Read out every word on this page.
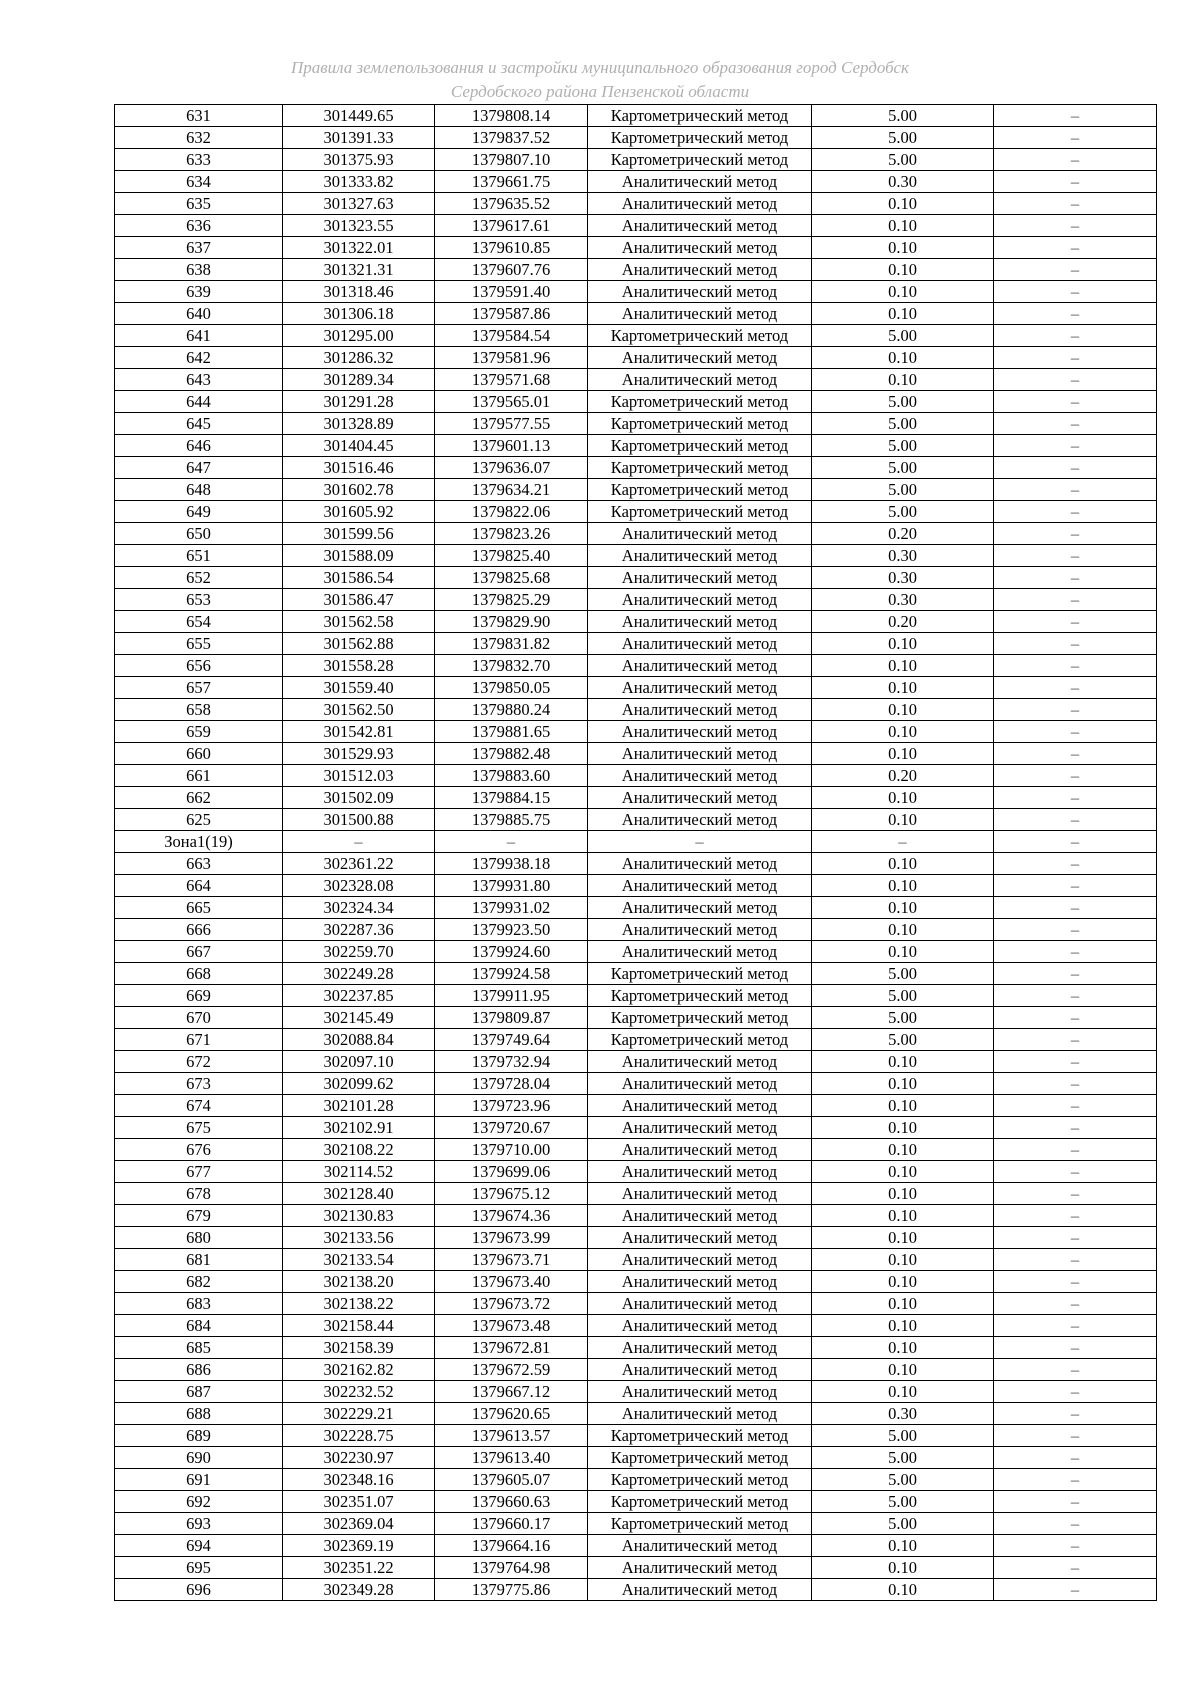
Правила землепользования и застройки муниципального образования город Сердобск
Сердобского района Пензенской области
631	301449.65	1379808.14	Картометрический метод	5.00	–
632	301391.33	1379837.52	Картометрический метод	5.00	–
633	301375.93	1379807.10	Картометрический метод	5.00	–
634	301333.82	1379661.75	Аналитический метод	0.30	–
635	301327.63	1379635.52	Аналитический метод	0.10	–
636	301323.55	1379617.61	Аналитический метод	0.10	–
637	301322.01	1379610.85	Аналитический метод	0.10	–
638	301321.31	1379607.76	Аналитический метод	0.10	–
639	301318.46	1379591.40	Аналитический метод	0.10	–
640	301306.18	1379587.86	Аналитический метод	0.10	–
641	301295.00	1379584.54	Картометрический метод	5.00	–
642	301286.32	1379581.96	Аналитический метод	0.10	–
643	301289.34	1379571.68	Аналитический метод	0.10	–
644	301291.28	1379565.01	Картометрический метод	5.00	–
645	301328.89	1379577.55	Картометрический метод	5.00	–
646	301404.45	1379601.13	Картометрический метод	5.00	–
647	301516.46	1379636.07	Картометрический метод	5.00	–
648	301602.78	1379634.21	Картометрический метод	5.00	–
649	301605.92	1379822.06	Картометрический метод	5.00	–
650	301599.56	1379823.26	Аналитический метод	0.20	–
651	301588.09	1379825.40	Аналитический метод	0.30	–
652	301586.54	1379825.68	Аналитический метод	0.30	–
653	301586.47	1379825.29	Аналитический метод	0.30	–
654	301562.58	1379829.90	Аналитический метод	0.20	–
655	301562.88	1379831.82	Аналитический метод	0.10	–
656	301558.28	1379832.70	Аналитический метод	0.10	–
657	301559.40	1379850.05	Аналитический метод	0.10	–
658	301562.50	1379880.24	Аналитический метод	0.10	–
659	301542.81	1379881.65	Аналитический метод	0.10	–
660	301529.93	1379882.48	Аналитический метод	0.10	–
661	301512.03	1379883.60	Аналитический метод	0.20	–
662	301502.09	1379884.15	Аналитический метод	0.10	–
625	301500.88	1379885.75	Аналитический метод	0.10	–
Зона1(19)	–	–	–	–	–
663	302361.22	1379938.18	Аналитический метод	0.10	–
664	302328.08	1379931.80	Аналитический метод	0.10	–
665	302324.34	1379931.02	Аналитический метод	0.10	–
666	302287.36	1379923.50	Аналитический метод	0.10	–
667	302259.70	1379924.60	Аналитический метод	0.10	–
668	302249.28	1379924.58	Картометрический метод	5.00	–
669	302237.85	1379911.95	Картометрический метод	5.00	–
670	302145.49	1379809.87	Картометрический метод	5.00	–
671	302088.84	1379749.64	Картометрический метод	5.00	–
672	302097.10	1379732.94	Аналитический метод	0.10	–
673	302099.62	1379728.04	Аналитический метод	0.10	–
674	302101.28	1379723.96	Аналитический метод	0.10	–
675	302102.91	1379720.67	Аналитический метод	0.10	–
676	302108.22	1379710.00	Аналитический метод	0.10	–
677	302114.52	1379699.06	Аналитический метод	0.10	–
678	302128.40	1379675.12	Аналитический метод	0.10	–
679	302130.83	1379674.36	Аналитический метод	0.10	–
680	302133.56	1379673.99	Аналитический метод	0.10	–
681	302133.54	1379673.71	Аналитический метод	0.10	–
682	302138.20	1379673.40	Аналитический метод	0.10	–
683	302138.22	1379673.72	Аналитический метод	0.10	–
684	302158.44	1379673.48	Аналитический метод	0.10	–
685	302158.39	1379672.81	Аналитический метод	0.10	–
686	302162.82	1379672.59	Аналитический метод	0.10	–
687	302232.52	1379667.12	Аналитический метод	0.10	–
688	302229.21	1379620.65	Аналитический метод	0.30	–
689	302228.75	1379613.57	Картометрический метод	5.00	–
690	302230.97	1379613.40	Картометрический метод	5.00	–
691	302348.16	1379605.07	Картометрический метод	5.00	–
692	302351.07	1379660.63	Картометрический метод	5.00	–
693	302369.04	1379660.17	Картометрический метод	5.00	–
694	302369.19	1379664.16	Аналитический метод	0.10	–
695	302351.22	1379764.98	Аналитический метод	0.10	–
696	302349.28	1379775.86	Аналитический метод	0.10	–
